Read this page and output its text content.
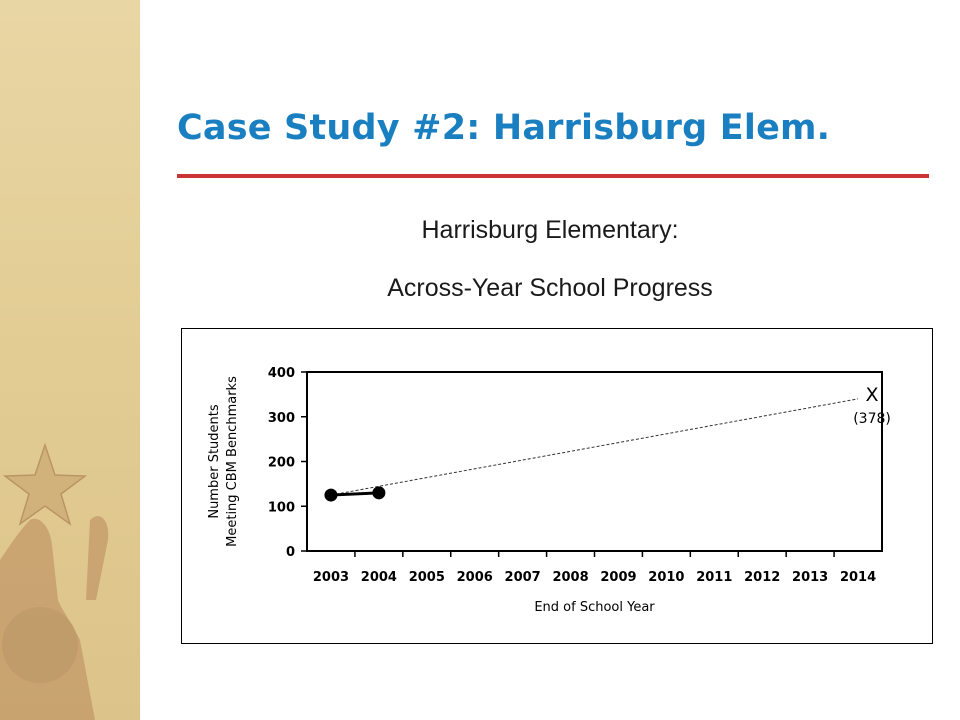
Case Study #2: Harrisburg Elem.
Harrisburg Elementary:
Across-Year School Progress
0
100
200
300
400
2003 2004 2005 2006 2007 2008 2009 2010 2011 2012 2013 2014
X
(378)
End of School Year
Number Students Meeting CBM Benchmarks
